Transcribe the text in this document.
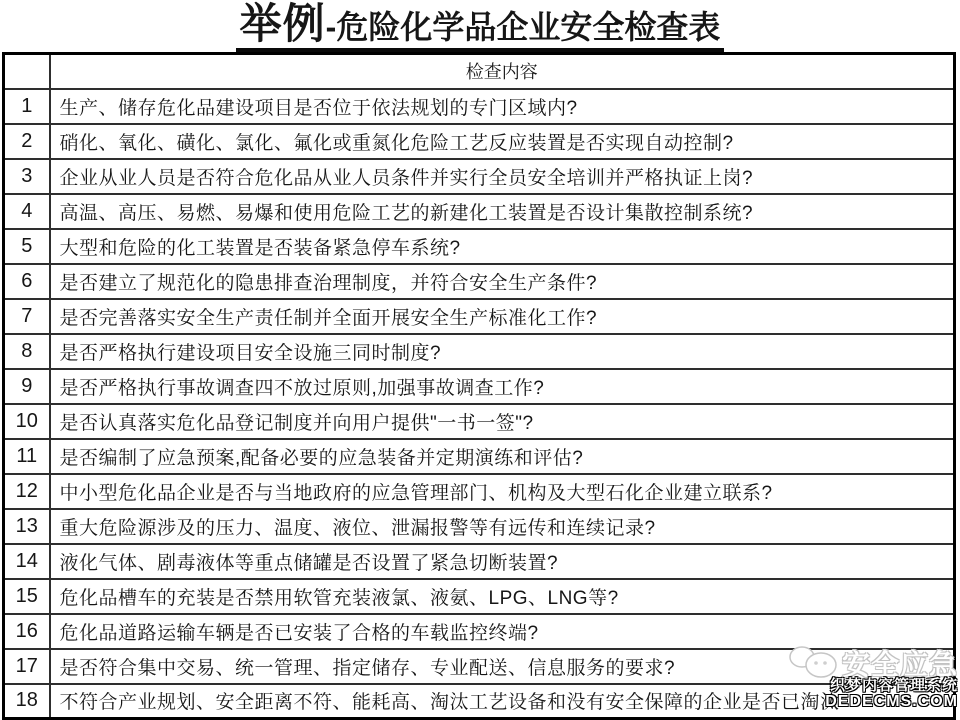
举例-危险化学品企业安全检查表
	检查内容
1	生产、储存危化品建设项目是否位于依法规划的专门区域内?
2	硝化、氧化、磺化、氯化、氟化或重氮化危险工艺反应装置是否实现自动控制?
3	企业从业人员是否符合危化品从业人员条件并实行全员安全培训并严格执证上岗?
4	高温、高压、易燃、易爆和使用危险工艺的新建化工装置是否设计集散控制系统?
5	大型和危险的化工装置是否装备紧急停车系统?
6	是否建立了规范化的隐患排查治理制度，并符合安全生产条件?
7	是否完善落实安全生产责任制并全面开展安全生产标准化工作?
8	是否严格执行建设项目安全设施三同时制度?
9	是否严格执行事故调查四不放过原则,加强事故调查工作?
10	是否认真落实危化品登记制度并向用户提供"一书一签"?
11	是否编制了应急预案,配备必要的应急装备并定期演练和评估?
12	中小型危化品企业是否与当地政府的应急管理部门、机构及大型石化企业建立联系?
13	重大危险源涉及的压力、温度、液位、泄漏报警等有远传和连续记录?
14	液化气体、剧毒液体等重点储罐是否设置了紧急切断装置?
15	危化品槽车的充装是否禁用软管充装液氯、液氨、LPG、LNG等?
16	危化品道路运输车辆是否已安装了合格的车载监控终端?
17	是否符合集中交易、统一管理、指定储存、专业配送、信息服务的要求?
18	不符合产业规划、安全距离不符、能耗高、淘汰工艺设备和没有安全保障的企业是否已淘汰
安全应急
织梦内容管理系统
DEDECMS.COM
